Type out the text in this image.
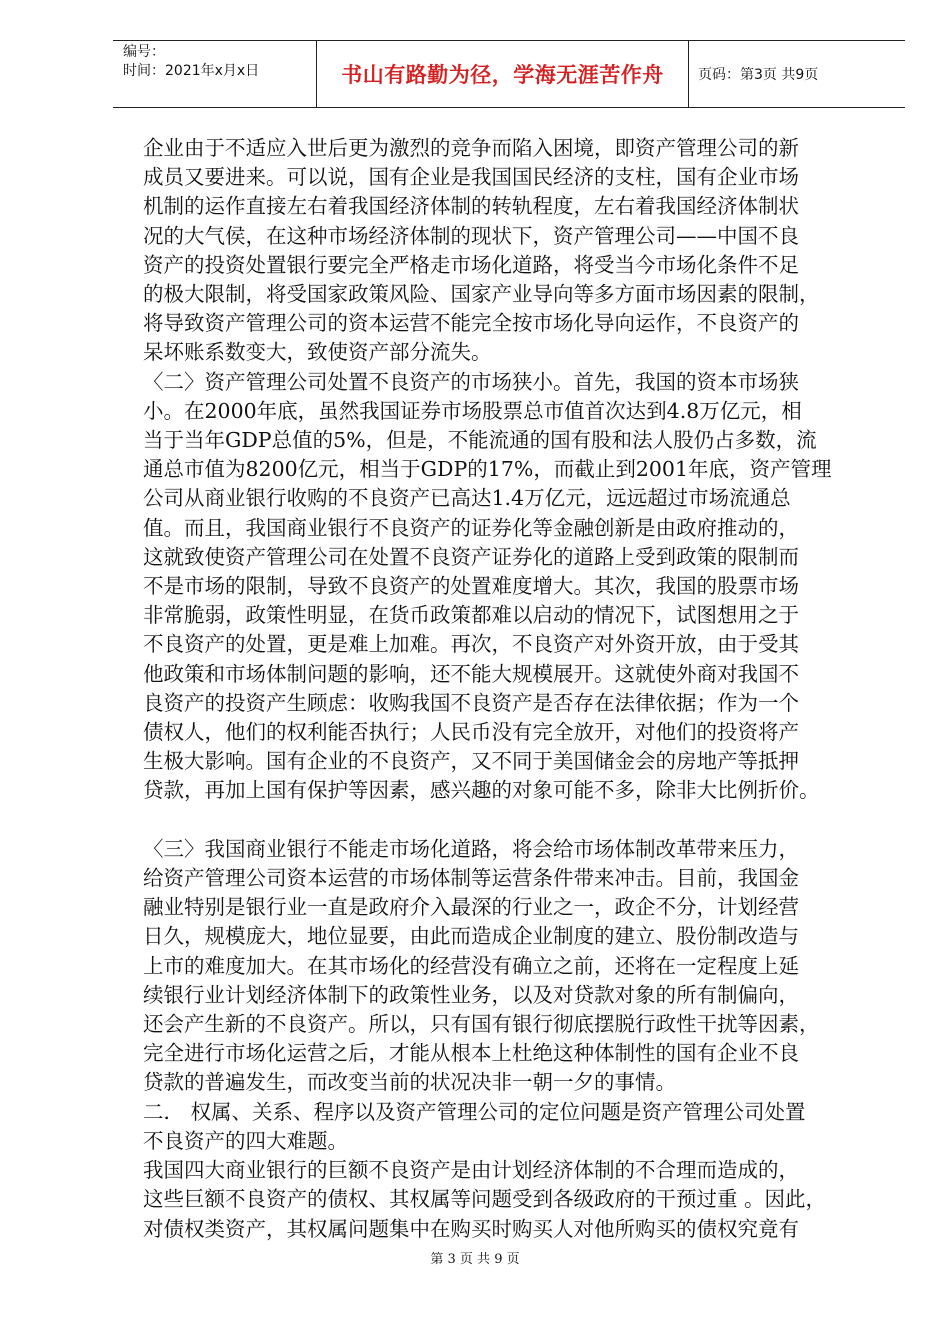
编号：
时间：2021年x月x日	书山有路勤为径，学海无涯苦作舟 页码：第3页 共9页

企业由于不适应入世后更为激烈的竞争而陷入困境，即资产管理公司的新

成员又要进来。可以说，国有企业是我国国民经济的支柱，国有企业市场

机制的运作直接左右着我国经济体制的转轨程度，左右着我国经济体制状

况的大气侯，在这种市场经济体制的现状下，资产管理公司——中国不良

资产的投资处置银行要完全严格走市场化道路，将受当今市场化条件不足

的极大限制，将受国家政策风险、国家产业导向等多方面市场因素的限制，

将导致资产管理公司的资本运营不能完全按市场化导向运作，不良资产的

呆坏账系数变大，致使资产部分流失。

〈二〉资产管理公司处置不良资产的市场狭小。首先，我国的资本市场狭

小。在2000年底，虽然我国证券市场股票总市值首次达到4.8万亿元，相

当于当年GDP总值的5%，但是，不能流通的国有股和法人股仍占多数，流

通总市值为8200亿元，相当于GDP的17%，而截止到2001年底，资产管理

公司从商业银行收购的不良资产已高达1.4万亿元，远远超过市场流通总

值。而且，我国商业银行不良资产的证券化等金融创新是由政府推动的，

这就致使资产管理公司在处置不良资产证券化的道路上受到政策的限制而

不是市场的限制，导致不良资产的处置难度增大。其次，我国的股票市场

非常脆弱，政策性明显，在货币政策都难以启动的情况下，试图想用之于

不良资产的处置，更是难上加难。再次，不良资产对外资开放，由于受其

他政策和市场体制问题的影响，还不能大规模展开。这就使外商对我国不

良资产的投资产生顾虑：收购我国不良资产是否存在法律依据；作为一个

债权人，他们的权利能否执行；人民币没有完全放开，对他们的投资将产

生极大影响。国有企业的不良资产，又不同于美国储金会的房地产等抵押

贷款，再加上国有保护等因素，感兴趣的对象可能不多，除非大比例折价。

〈三〉我国商业银行不能走市场化道路，将会给市场体制改革带来压力，

给资产管理公司资本运营的市场体制等运营条件带来冲击。目前，我国金

融业特别是银行业一直是政府介入最深的行业之一，政企不分，计划经营

日久，规模庞大，地位显要，由此而造成企业制度的建立、股份制改造与

上市的难度加大。在其市场化的经营没有确立之前，还将在一定程度上延

续银行业计划经济体制下的政策性业务，以及对贷款对象的所有制偏向，

还会产生新的不良资产。所以，只有国有银行彻底摆脱行政性干扰等因素，

完全进行市场化运营之后，才能从根本上杜绝这种体制性的国有企业不良

贷款的普遍发生，而改变当前的状况决非一朝一夕的事情。

二． 权属、关系、程序以及资产管理公司的定位问题是资产管理公司处置

不良资产的四大难题。

我国四大商业银行的巨额不良资产是由计划经济体制的不合理而造成的，

这些巨额不良资产的债权、其权属等问题受到各级政府的干预过重 。因此，

对债权类资产，其权属问题集中在购买时购买人对他所购买的债权究竟有

第 3 页 共 9 页
